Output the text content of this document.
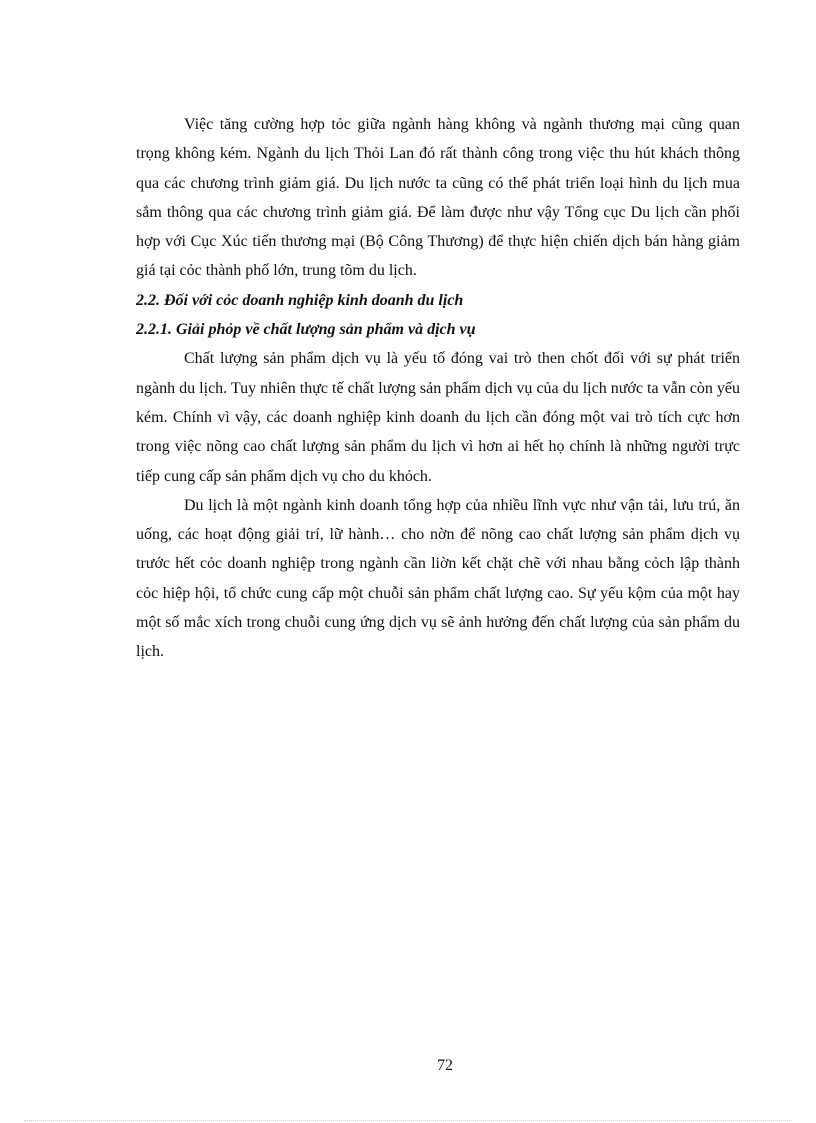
Việc tăng cường hợp tỏc giữa ngành hàng không và ngành thương mại cũng quan trọng không kém. Ngành du lịch Thỏi Lan đó rất thành công trong việc thu hút khách thông qua các chương trình giảm giá. Du lịch nước ta cũng có thể phát triển loại hình du lịch mua sắm thông qua các chương trình giảm giá. Để làm được như vậy Tổng cục Du lịch cần phối hợp với Cục Xúc tiến thương mại (Bộ Công Thương) để thực hiện chiến dịch bán hàng giảm giá tại cỏc thành phố lớn, trung tõm du lịch.

2.2. Đối với cỏc doanh nghiệp kinh doanh du lịch
2.2.1. Giải phỏp về chất lượng sản phẩm và dịch vụ

Chất lượng sản phẩm dịch vụ là yếu tố đóng vai trò then chốt đối với sự phát triển ngành du lịch. Tuy nhiên thực tế chất lượng sản phẩm dịch vụ của du lịch nước ta vẫn còn yếu kém. Chính vì vậy, các doanh nghiệp kinh doanh du lịch cần đóng một vai trò tích cực hơn trong việc nõng cao chất lượng sản phẩm du lịch vì hơn ai hết họ chính là những người trực tiếp cung cấp sản phẩm dịch vụ cho du khỏch.

Du lịch là một ngành kinh doanh tổng hợp của nhiều lĩnh vực như vận tải, lưu trú, ăn uống, các hoạt động giải trí, lữ hành… cho nờn để nõng cao chất lượng sản phẩm dịch vụ trước hết cỏc doanh nghiệp trong ngành cần liờn kết chặt chẽ với nhau bằng cỏch lập thành cỏc hiệp hội, tổ chức cung cấp một chuỗi sản phẩm chất lượng cao. Sự yếu kộm của một hay một số mắc xích trong chuỗi cung ứng dịch vụ sẽ ảnh hưởng đến chất lượng của sản phẩm du lịch.

72
